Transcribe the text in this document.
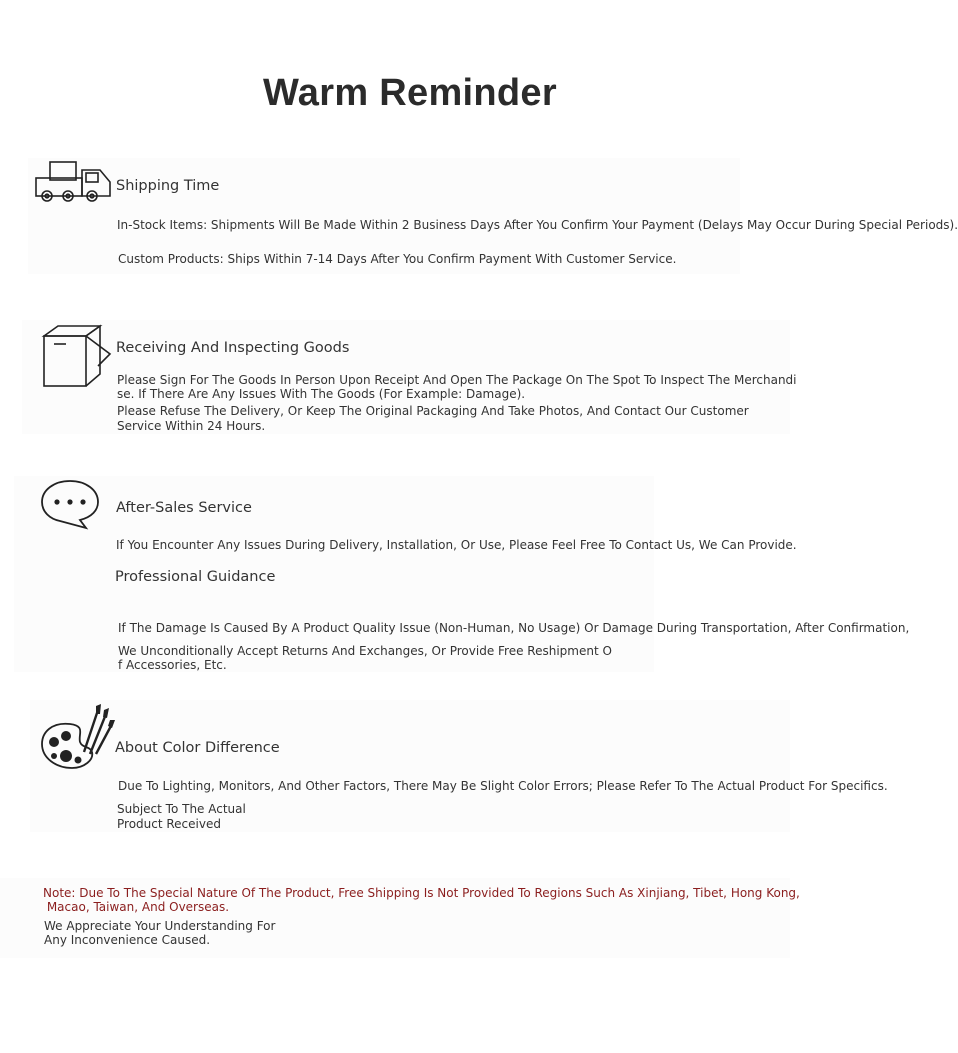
Warm Reminder
Shipping Time
In-Stock Items: Shipments Will Be Made Within 2 Business Days After You Confirm Your Payment (Delays May Occur During Special Periods).
Custom Products: Ships Within 7-14 Days After You Confirm Payment With Customer Service.
Receiving And Inspecting Goods
Please Sign For The Goods In Person Upon Receipt And Open The Package On The Spot To Inspect The Merchandi
se. If There Are Any Issues With The Goods (For Example: Damage).
Please Refuse The Delivery, Or Keep The Original Packaging And Take Photos, And Contact Our Customer
Service Within 24 Hours.
After-Sales Service
If You Encounter Any Issues During Delivery, Installation, Or Use, Please Feel Free To Contact Us, We Can Provide.
Professional Guidance
If The Damage Is Caused By A Product Quality Issue (Non-Human, No Usage) Or Damage During Transportation, After Confirmation,
We Unconditionally Accept Returns And Exchanges, Or Provide Free Reshipment O
f Accessories, Etc.
About Color Difference
Due To Lighting, Monitors, And Other Factors, There May Be Slight Color Errors; Please Refer To The Actual Product For Specifics.
Subject To The Actual
Product Received
Note: Due To The Special Nature Of The Product, Free Shipping Is Not Provided To Regions Such As Xinjiang, Tibet, Hong Kong,
Macao, Taiwan, And Overseas.
We Appreciate Your Understanding For
Any Inconvenience Caused.
